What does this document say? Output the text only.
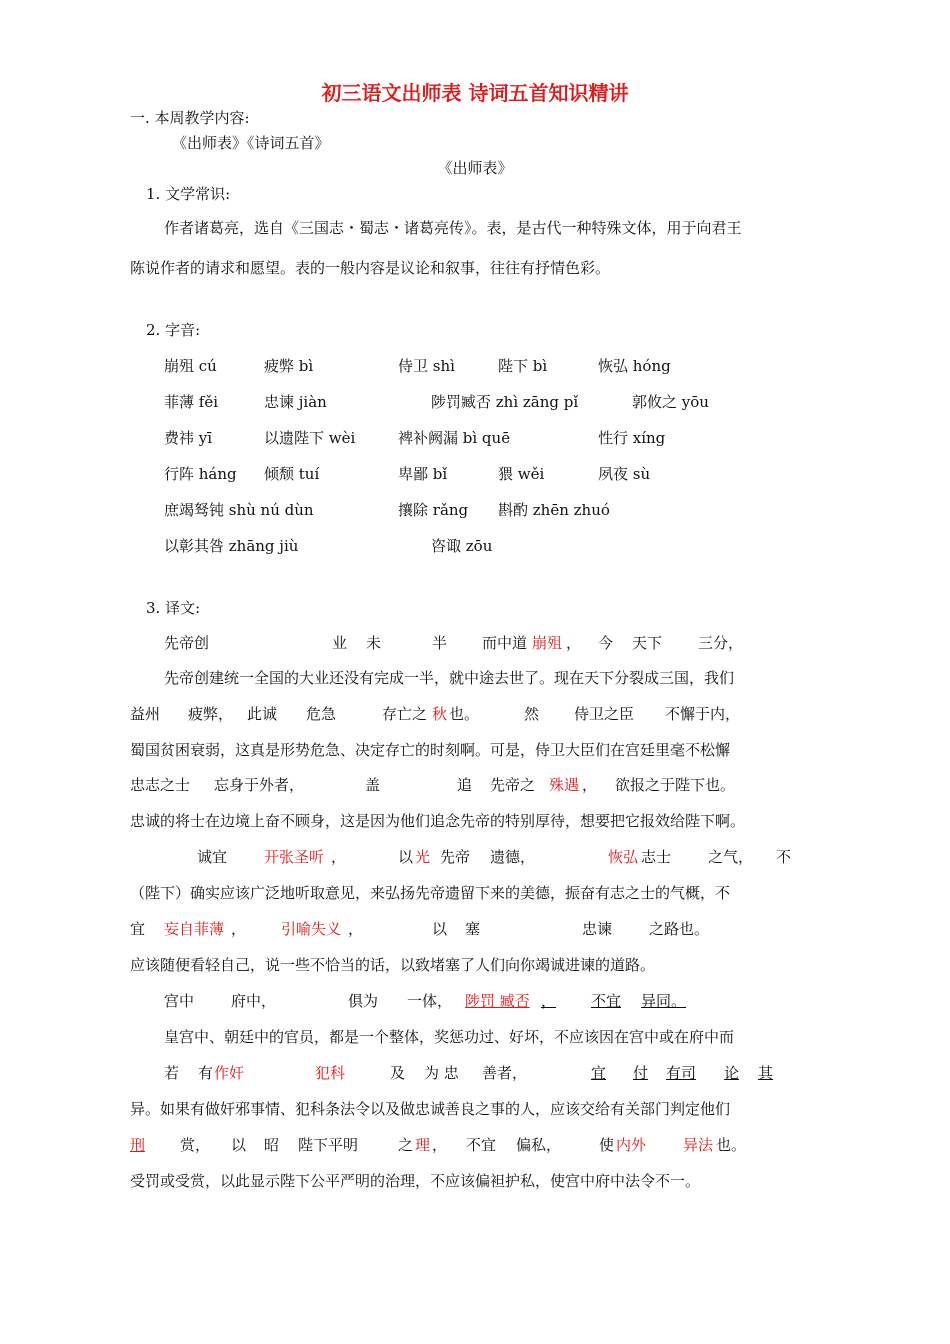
初三语文出师表 诗词五首知识精讲
一. 本周教学内容:
《出师表》《诗词五首》
《出师表》
1. 文学常识:
作者诸葛亮，选自《三国志・蜀志・诸葛亮传》。表，是古代一种特殊文体，用于向君王
陈说作者的请求和愿望。表的一般内容是议论和叙事，往往有抒情色彩。
2. 字音:
崩殂 cú	疲弊 bì	侍卫 shì	陛下 bì	恢弘 hóng
菲薄 fěi	忠谏 jiàn	陟罚臧否 zhì zāng pǐ	郭攸之 yōu
费祎 yī	以遗陛下 wèi	裨补阙漏 bì quē	性行 xíng
行阵 háng 倾颓 tuí	卑鄙 bǐ	猥 wěi	夙夜 sù
庶竭驽钝 shù nú dùn	攘除 rǎng 斟酌 zhēn zhuó
以彰其咎 zhāng jiù	咨诹 zōu
3. 译文:
先帝创	业 未	半 而中道 崩殂 ， 今 天下 三分，
先帝创建统一全国的大业还没有完成一半，就中途去世了。现在天下分裂成三国，我们
益州 疲弊， 此诚 危急	存亡之 秋 也。	然 侍卫之臣 不懈于内，
蜀国贫困衰弱，这真是形势危急、决定存亡的时刻啊。可是，侍卫大臣们在宫廷里毫不松懈
忠志之士 忘身于外者，	盖	追 先帝之 殊遇 ， 欲报之于陛下也。
忠诚的将士在边境上奋不顾身，这是因为他们追念先帝的特别厚待，想要把它报效给陛下啊。
诚宜 开张圣听 ，	以 光 先帝 遗德，	恢弘 志士 之气， 不
（陛下）确实应该广泛地听取意见，来弘扬先帝遗留下来的美德，振奋有志之士的气概，不
宜 妄自菲薄 ， 引喻失义 ，	以 塞	忠谏 之路也。
应该随便看轻自己，说一些不恰当的话，以致堵塞了人们向你竭诚进谏的道路。
宫中 府中，	俱为 一体， 陟罚 臧否 ， 不宜 异同。
皇宫中、朝廷中的官员，都是一个整体，奖惩功过、好坏，不应该因在宫中或在府中而
若 有 作奸	犯科	及 为 忠 善者，	宜 付 有司 论 其
异。如果有做奸邪事情、犯科条法令以及做忠诚善良之事的人，应该交给有关部门判定他们
刑 赏， 以 昭 陛下平明	之 理 ， 不宜 偏私，	使 内外 异法 也。
受罚或受赏，以此显示陛下公平严明的治理，不应该偏袒护私，使宫中府中法令不一。
